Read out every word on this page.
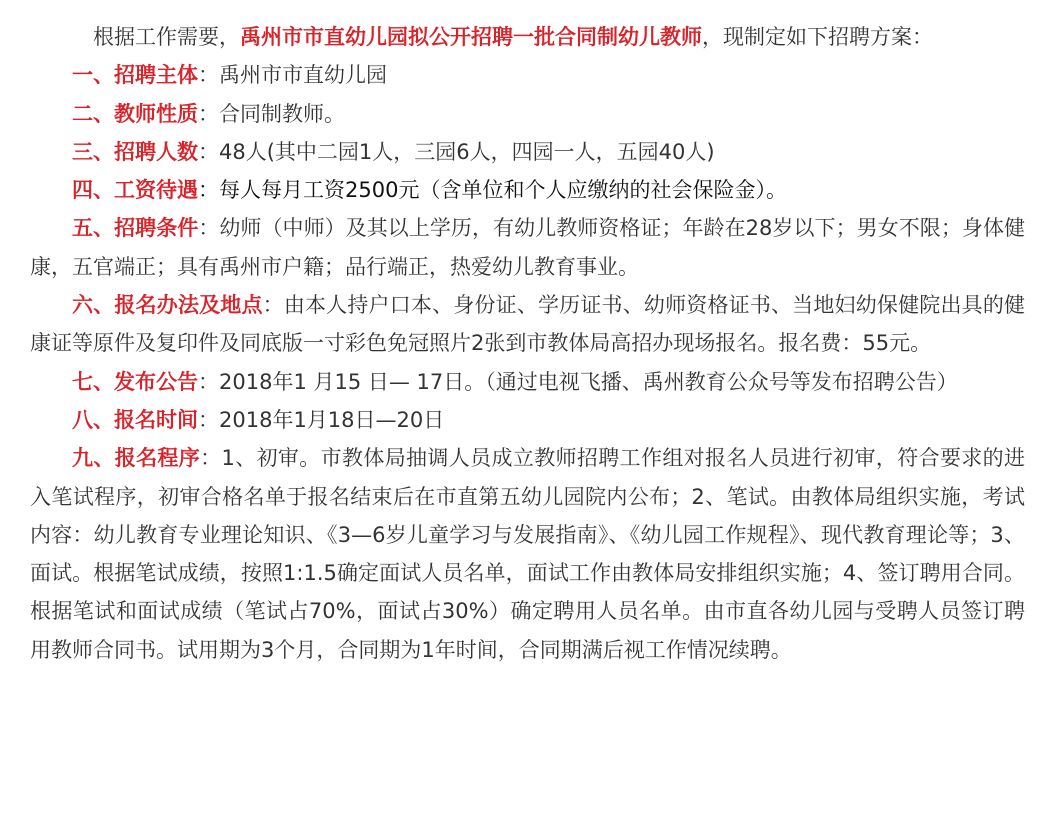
根据工作需要，禹州市市直幼儿园拟公开招聘一批合同制幼儿教师，现制定如下招聘方案：

一、招聘主体：禹州市市直幼儿园

二、教师性质：合同制教师。

三、招聘人数：48人(其中二园1人，三园6人，四园一人，五园40人)

四、工资待遇：每人每月工资2500元（含单位和个人应缴纳的社会保险金）。

五、招聘条件：幼师（中师）及其以上学历，有幼儿教师资格证；年龄在28岁以下；男女不限；身体健康，五官端正；具有禹州市户籍；品行端正，热爱幼儿教育事业。

六、报名办法及地点：由本人持户口本、身份证、学历证书、幼师资格证书、当地妇幼保健院出具的健康证等原件及复印件及同底版一寸彩色免冠照片2张到市教体局高招办现场报名。报名费：55元。

七、发布公告：2018年1 月15 日— 17日。（通过电视飞播、禹州教育公众号等发布招聘公告）

八、报名时间：2018年1月18日—20日

九、报名程序：1、初审。市教体局抽调人员成立教师招聘工作组对报名人员进行初审，符合要求的进入笔试程序，初审合格名单于报名结束后在市直第五幼儿园院内公布；2、笔试。由教体局组织实施，考试内容：幼儿教育专业理论知识、《3—6岁儿童学习与发展指南》、《幼儿园工作规程》、现代教育理论等；3、面试。根据笔试成绩，按照1:1.5确定面试人员名单，面试工作由教体局安排组织实施；4、签订聘用合同。根据笔试和面试成绩（笔试占70%，面试占30%）确定聘用人员名单。由市直各幼儿园与受聘人员签订聘用教师合同书。试用期为3个月，合同期为1年时间，合同期满后视工作情况续聘。
